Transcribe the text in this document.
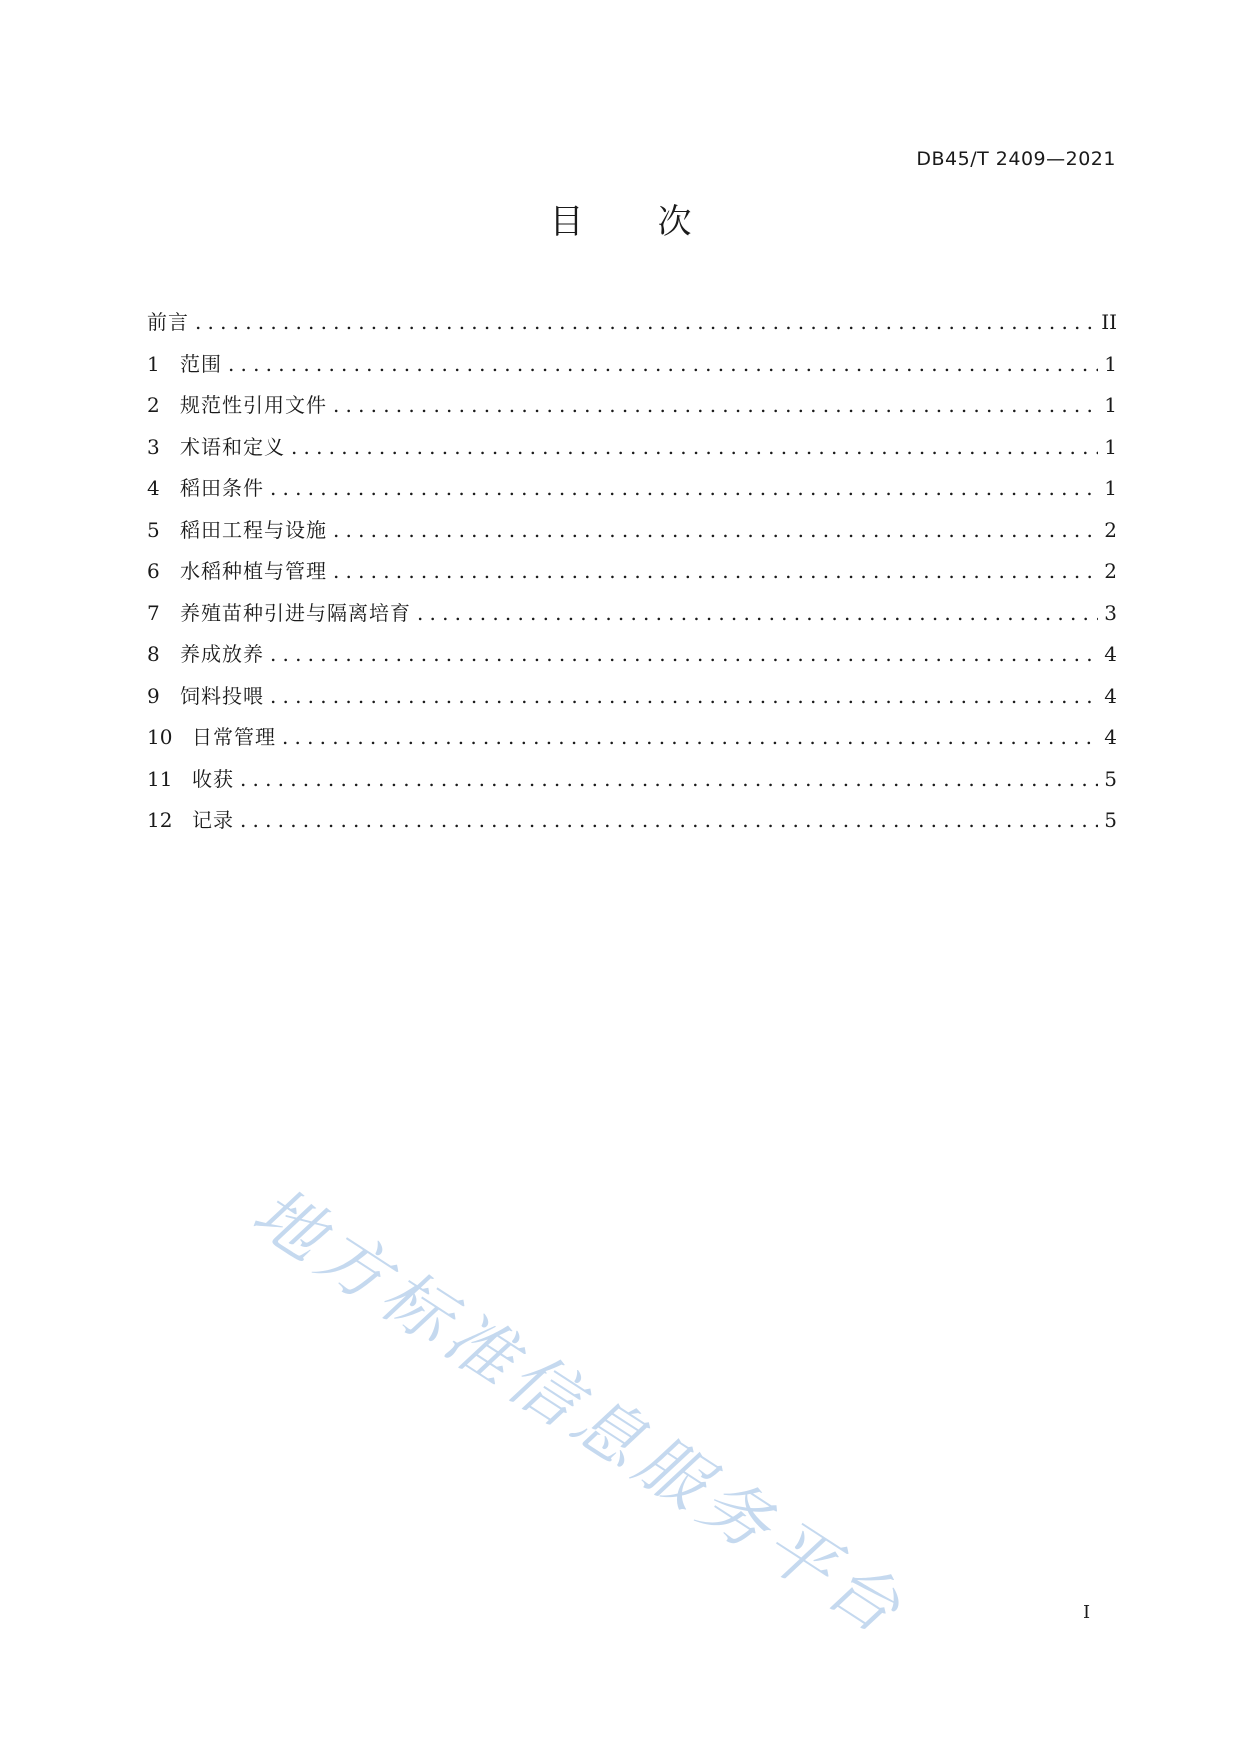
DB45/T 2409—2021
目次
前言 .....	II
1	范围 .....	1
2	规范性引用文件 .....	1
3	术语和定义 .....	1
4	稻田条件 .....	1
5	稻田工程与设施 .....	2
6	水稻种植与管理 .....	2
7	养殖苗种引进与隔离培育 .....	3
8	养成放养 .....	4
9	饲料投喂 .....	4
10 日常管理 .....	4
11 收获 .....	5
12 记录 .....	5
地方标准信息服务平台	I
